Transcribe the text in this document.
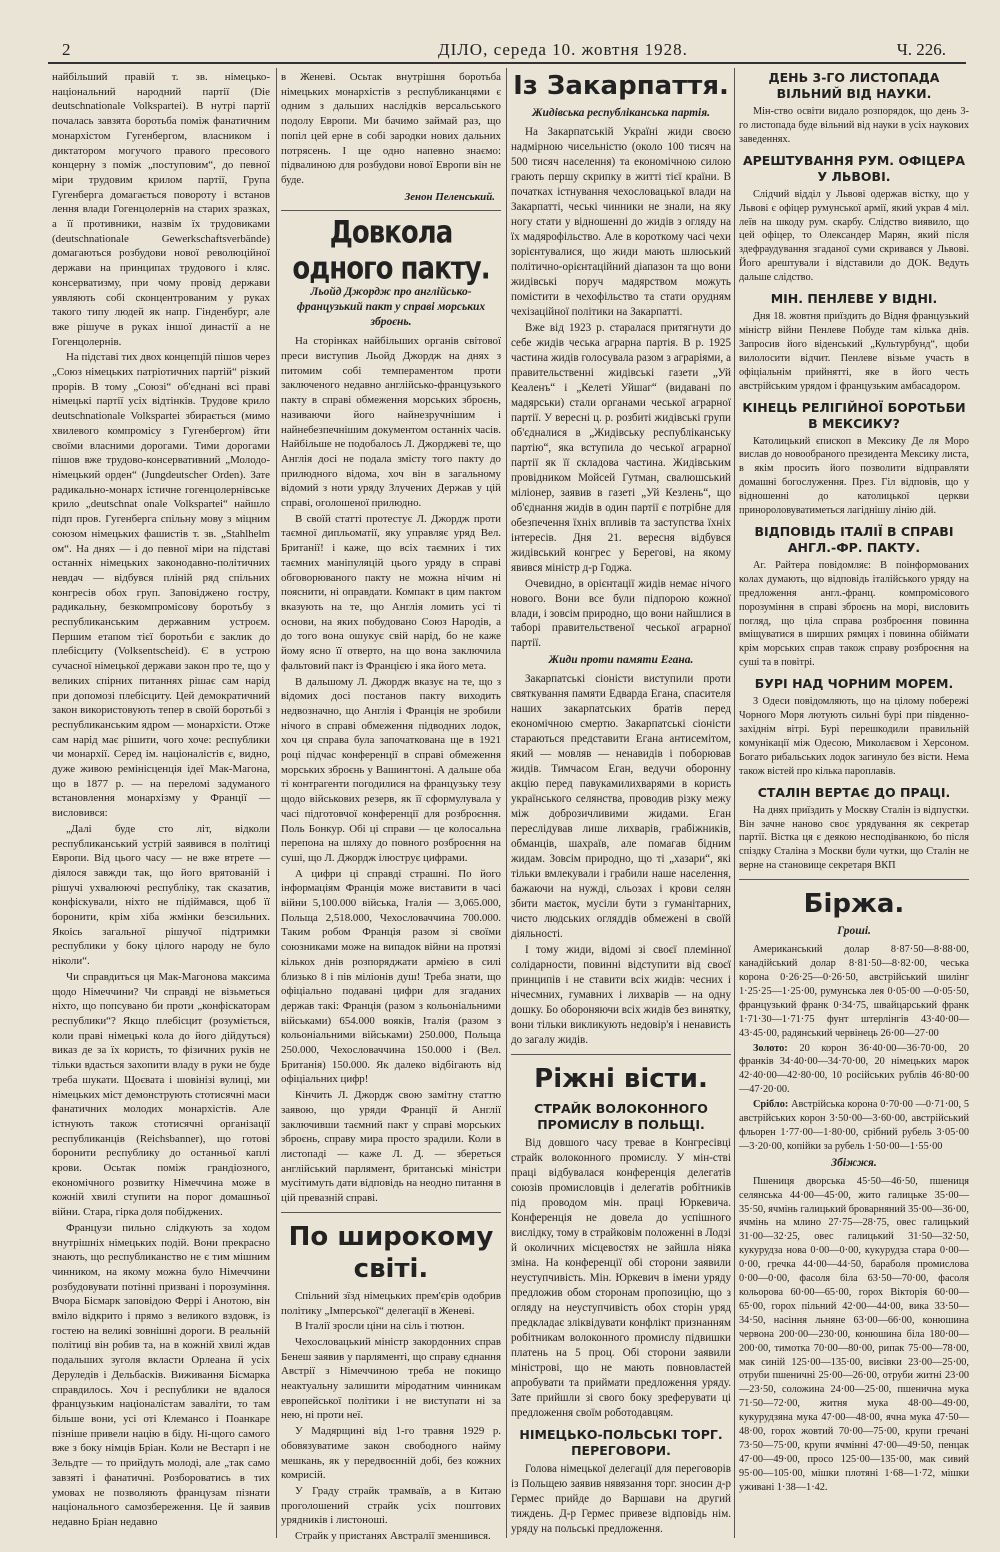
2	ДІЛО, середа 10. жовтня 1928.	Ч. 226.

найбільший правій т. зв. німецько-національний народний партії (Die deutschnationale Volkspartei). В нутрі партії почалась завзята боротьба поміж фанатичним монархістом Гугенбергом, власником і диктатором могучого правого пресового концерну з поміж „поступовим“, до певної міри трудовим крилом партії, Група Гугенберга домагається повороту і встанов лення влади Гогенцолернів на старих зразках, а її противники, назвім їх трудовиками (deutschnationale Gewerkschaftsverbände) домагаються розбудови нової революційної держави на принципах трудового і кляс. консерватизму, при чому провід держави уявляють собі сконцентрованим у руках такого типу людей як напр. Гінденбург, але вже рішуче в руках іншої династії а не Гогенцолернів.

На підставі тих двох концепцій пішов через „Союз німецьких патріотичних партій“ різкий прорів. В тому „Союзі“ об'єднані всі праві німецькі партії усіх відтінків. Трудове крило deutschnationale Volkspartei збирається (мимо хвилевого компромісу з Гугенбергом) йти своїми власними дорогами. Тими дорогами пішов вже трудово-консервативний „Молодо-німецький орден“ (Jungdeutscher Orden). Зате радикально-монарх істичне гогенцолернівське крило „deutschnat onale Volkspartei“ найшло підп пров. Гугенберга спільну мову з міцним союзом німецьких фашистів т. зв. „Stahlhelm ом“. На днях — і до певної міри на підставі останніх німецьких законодавно-політичних невдач — відбувся пліній ряд спільних конгресів обох груп. Заповіджено гостру, радикальну, безкомпромісову боротьбу з республиканським державним устроєм. Першим етапом тієї боротьби є заклик до плебісциту (Volksentscheid). Є в устрою сучасної німецької держави закон про те, що у великих спірних питаннях рішає сам нарід при допомозі плебісциту. Цей демократичний закон використовують тепер в своїй боротьбі з республиканським ядром — монархісти. Отже сам нарід має рішити, чого хоче: республики чи монархії. Серед ім. націоналістів є, видно, дуже живою ремінісценція ідеї Мак-Магона, що в 1877 р. — на переломі задуманого встановлення монархізму у Франції — висловився:

„Далі буде сто літ, відколи республиканський устрій заявився в політиці Европи. Від цього часу — не вже втрете — діялося завжди так, що його врятованій і рішучі ухвалюючі республіку, так сказатив, конфіскували, ніхто не підіймався, щоб її боронити, крім хіба жмінки безсильних. Якоісь загальної рішучої підтримки республики у боку цілого народу не було ніколи“.

Чи справдиться ця Мак-Магонова максима щодо Німеччини? Чи справді не візьметься ніхто, що попсувано би проти „конфіскаторам республики“? Якщо плебісцит (розуміється, коли праві німецькі кола до його дійдуться) виказ де за їх користь, то фізичних руків не тільки вдасться захопити владу в руки не буде треба шукати. Щоєвата і шовінізі вулиці, ми німецьких міст демонструють стотисячні маси фанатичних молодих монархістів. Але істнують також стотисячні організації республиканців (Reichsbanner), що готові боронити республику до останньої каплі крови. Осьтак поміж грандіозного, економічного розвитку Німеччина може в кожній хвилі ступити на порог домашньої війни. Стара, гірка доля побіджених.

Французи пильно слідкують за ходом внутрішніх німецьких подій. Вони прекрасно знають, що республиканство не є тим мішним чинником, на якому можна було Німеччини розбудовувати потінні призвані і порозуміння. Вчора Бісмарк заповідою Феррі і Анотою, він вміло відкрито і прямо з великого вздовж, із гостею на великі зовнішні дороги. В реальній політиці він робив та, на в кожній хвилі ждав подальших зуголя вкласти Орлеана й усіх Деруледів і Дельбасків. Виживання Бісмарка справдилось. Хоч і республики не вдалося французьким націоналістам заваліти, то там більше вони, усі оті Клемансо і Поанкаре пізніше привели націю в біду. Ні-щого самого вже з боку німців Бріан. Коли не Вестарп і не Зельдте — то прийдуть молоді, але „так само завзяті і фанатичні. Розбороватись в тих умовах не позволяють французам пізнати національного самозбереження. Це й заявив недавно Бріан недавно

в Женеві. Осьтак внутрішня боротьба німецьких монархістів з республиканцями є одним з дальших наслідків версальського подолу Европи. Ми бачимо займай раз, що попіл цей ерне в собі зародки нових дальних потрясень. І ще одно напевно знаємо: підвалиною для розбудови нової Европи він не буде.

Зенон Пеленський.
Довкола одного пакту.
Льойд Джордж про англійсько-французький пакт у справі морських зброєнь.

На сторінках найбільших органів світової преси виступив Льойд Джордж на днях з питомим собі темпераментом проти заключеного недавно англійсько-французького пакту в справі обмеження морських зброєнь, називаючи його найнезручнішим і найнебезпечнішим документом останніх часів. Найбільше не подобалось Л. Джорджеві те, що Англія досі не подала змісту того пакту до прилюдного відома, хоч він в загальному відомий з ноти уряду Злучених Держав у цій справі, оголошеної прилюдно.

В своїй статті протестує Л. Джордж проти таємної дипльоматії, яку управляє уряд Вел. Британії! і каже, що всіх таємних і тих таємних маніпуляцій цього уряду в справі обговорюваного пакту не можна нічим ні пояснити, ні оправдати. Компакт в цим пактом вказують на те, що Англія ломить усі ті основи, на яких побудовано Союз Народів, а до того вона ошукує свій нарід, бо не каже йому ясно її отверто, на що вона заключила фальтовий пакт із Францією і яка його мета.

В дальшому Л. Джордж вказує на те, що з відомих досі постанов пакту виходить недвозначно, що Англія і Франція не зробили нічого в справі обмеження підводних лодок, хоч ця справа була започаткована ще в 1921 році підчас конференції в справі обмеження морських зброєнь у Вашингтоні. А дальше оба ті контрагенти погодилися на французьку тезу щодо військових резерв, як її сформулувала у часі підготовчої конференції для розброєння. Поль Бонкур. Обі ці справи — це колосальна перепона на шляху до повного розброєння на суші, що Л. Джордж ілюструє цифрами.

А цифри ці справді страшні. По його інформаціям Франція може виставити в часі війни 5,100.000 війська, Італія — 3,065.000, Польща 2,518.000, Чехословаччина 700.000. Таким робом Франція разом зі своїми союзниками може на випадок війни на протязі кількох днів розпоряджати армією в силі близько 8 і пів міліонів душ! Треба знати, що офіціально подавані цифри для згаданих держав такі: Франція (разом з кольоніальними військами) 654.000 вояків, Італія (разом з кольоніальними військами) 250.000, Польща 250.000, Чехословаччина 150.000 і (Вел. Британія) 150.000. Як далеко відбігають від офіціальних цифр!

Кінчить Л. Джордж свою замітну статтю заявою, що уряди Франції й Англії заключивши таємний пакт у справі морських зброєнь, справу мира просто зрадили. Коли в листопаді — каже Л. Д. — збереться англійський парлямент, британські міністри мусітимуть дати відповідь на неодно питання в цій превазній справі.

По широкому світі.

Спільний зїзд німецьких прем'єрів одобрив політику „Імперської“ делегації в Женеві.

В Італії зросли ціни на сіль і тютюн.

Чехословацький міністр закордонних справ Бенеш заявив у парляменті, що справу єднання Австрії з Німеччиною треба не покищо неактуальну залишити міродатним чинникам европейської політики і не виступати ні за нею, ні проти неї.

У Мадярщині від 1-го травня 1929 р. обовязуватиме закон свободного найму мешкань, як у передвоєнній добі, без кожних комрисій.

У Граду страйк трамваїв, а в Китаю проголошений страйк усіх поштових урядників і листоноші.

Страйк у пристанях Австралії зменшився.

Із Закарпаття.
Жидівська республіканська партія.

На Закарпатській Україні жиди своєю надмірною чисельністю (около 100 тисяч на 500 тисяч населення) та економічною силою грають першу скрипку в житті тієї країни. В початках істнування чехословацької влади на Закарпатті, чеські чинники не знали, на яку ногу стати у відношенні до жидів з огляду на їх мадярофільство. Але в короткому часі чехи зорієнтувалися, що жиди мають шлюський політично-орієнтаційний діапазон та що вони жидівські поруч мадярством можуть помістити в чехофільство та стати орудням чехізаційної політики на Закарпатті.

Вже від 1923 р. старалася притягнути до себе жидів чеська аграрна партія. В р. 1925 частина жидів голосувала разом з аграріями, а правительственні жидівські газети „Уй Кеаленъ“ і „Келеті Уйшаг“ (видавані по мадярськи) стали органами чеської аграрної партії. У вересні ц. р. розбиті жидівські групи об'єдналися в „Жидівську республіканську партію“, яка вступила до чеської аграрної партії як її складова частина. Жидівським провідником Мойсей Гутман, свалюшський міліонер, заявив в газеті „Уй Кезлень“, що об'єднання жидів в один партії є потрібне для обезпечення їхніх впливів та заступства їхніх інтересів. Дня 21. вересня відбувся жидівський конгрес у Берегові, на якому явився міністр д-р Годжа.

Очевидно, в орієнтації жидів немає нічого нового. Вони все були підпорою кожної влади, і зовсім природно, що вони найшлися в таборі правительственої чеської аграрної партії.

Жиди проти памяти Егана.

Закарпатські сіоністи виступили проти святкування памяти Едварда Егана, спасителя наших закарпатських братів перед економічною смертю. Закарпатські сіоністи стараються представити Егана антисемітом, який — мовляв — ненавидів і поборював жидів. Тимчасом Еган, ведучи оборонну акцію перед павукамилихварями в користь українського селянства, проводив різку межу між доброзичливими жидами. Еган переслідував лише лихварів, грабіжників, обманців, шахраїв, але помагав бідним жидам. Зовсім природно, що ті „хазари“, які тільки вмлекували і грабили наше населення, бажаючи на нужді, сльозах і крови селян збити маєток, мусіли бути з гуманітарних, чисто людських огляддів обмежені в своїй діяльності.

І тому жиди, відомі зі своєї племінної солідарности, повинні відступити від своєї принципів і не ставити всіх жидів: чесних і нічесмних, гумавних і лихварів — на одну дошку. Бо обороняючи всіх жидів без винятку, вони тільки викликують недовір'я і ненависть до загалу жидів.

Ріжні вісти.
СТРАЙК ВОЛОКОННОГО ПРОМИСЛУ В ПОЛЬЩІ.

Від довшого часу тревае в Конгресівці страйк волоконного промислу. У мін-стві праці відбувалася конференція делегатів союзів промисловців і делегатів робітників під проводом мін. праці Юркевича. Конференція не довела до успішного вислідку, тому в страйковім положенні в Лодзі й околичних місцевостях не зайшла ніяка зміна. На конференції обі сторони заявили неуступчивість. Мін. Юркевич в імени уряду предложив обом сторонам пропозицію, що з огляду на неуступчивість обох сторін уряд предкладає зліквідувати конфлікт признанням робітникам волоконного промислу підвишки платень на 5 проц. Обі сторони заявили міністрові, що не мають повновластей апробувати та приймати предложення уряду. Зате прийшли зі свого боку зреферувати ці предложення своїм роботодавцям.

НІМЕЦЬКО-ПОЛЬСЬКІ ТОРГ. ПЕРЕГОВОРИ.

Голова німецької делегації для переговорів із Польщею заявив нявязання торг. зносин д-р Гермес прийде до Варшави на другий тиждень. Д-р Гермес привезе відповідь нім. уряду на польські предложення.

ДЕНЬ 3-ГО ЛИСТОПАДА ВІЛЬНИЙ ВІД НАУКИ.

Мін-ство освіти видало розпорядок, що день 3-го листопада буде вільний від науки в усіх наукових заведеннях.

АРЕШТУВАННЯ РУМ. ОФІЦЕРА У ЛЬВОВІ.

Слідчий відділ у Львові одержав вістку, що у Львові є офіцер румунської армії, який украв 4 міл. леїв на шкоду рум. скарбу. Слідство виявило, що цей офіцер, то Олександер Марян, який після здефраудування згаданої суми скривався у Львові. Його арештували і відставили до ДОК. Ведуть дальше слідство.

МІН. ПЕНЛЕВЕ У ВІДНІ.

Дня 18. жовтня приїздить до Відня французький міністр війни Пенлеве Побуде там кілька днів. Запросив його віденський „Культурбунд“, щоби вилолосити відчит. Пенлеве візьме участь в офіціальнім прийнятті, яке в його честь австрійським урядом і французьким амбасадором.

КІНЕЦЬ РЕЛІГІЙНОЇ БОРОТЬБИ В МЕКСИКУ?

Католицький єпископ в Мексику Де ля Моро вислав до новообраного президента Мексику листа, в якім просить його позволити відправляти домашні богослуження. През. Гіл відповів, що у відношенні до католицької церкви принороловуватиметься лагіднішу лінію дій.

ВІДПОВІДЬ ІТАЛІЇ В СПРАВІ АНГЛ.-ФР. ПАКТУ.

Аг. Райтера повідомляє: В поінформованих колах думають, що відповідь італійського уряду на предложення англ.-франц. компромісового порозуміння в справі зброєнь на морі, висловить погляд, що ціла справа розброєння повинна вміщуватися в ширших рямцях і повинна обіймати крім морських справ також справу розброєння на суші та в повітрі.

БУРІ НАД ЧОРНИМ МОРЕМ.

З Одеси повідомляють, що на цілому побережі Чорного Моря лютують сильні бурі при південно-західнім вітрі. Бурі перешкодили правильній комунікації між Одесою, Миколаєвом і Херсоном. Богато рибальських лодок загинуло без вісти. Нема також вістей про кілька пароплавів.

СТАЛІН ВЕРТАЄ ДО ПРАЦІ.

На днях приїздить у Москву Сталін із відпустки. Він зачне наново своє урядування як секретар партії. Вістка ця є деякою несподіванкою, бо після спіздку Сталіна з Москви були чутки, що Сталін не верне на становище секретаря ВКП

Біржа.
Гроші.

Американський долар 8·87·50—8·88·00, канадійський долар 8·81·50—8·82·00, чеська корона 0·26·25—0·26·50, австрійський шилінг 1·25·25—1·25·00, румунська лея 0·05·00 —0·05·50, французький франк 0·34·75, швайцарський франк 1·71·30—1·71·75 фунт штерлінгів 43·40·00—43·45·00, радянський червінець 26·00—27·00

Золото: 20 корон 36·40·00—36·70·00, 20 франків 34·40·00—34·70·00, 20 німецьких марок 42·40·00—42·80·00, 10 російських рублів 46·80·00—47·20·00.

Срібло: Австрійська корона 0·70·00 —0·71·00, 5 австрійських корон 3·50·00—3·60·00, австрійський фльорен 1·77·00—1·80·00, срібний рубель 3·05·00—3·20·00, копійки за рубель 1·50·00—1·55·00

Збіжжя.

Пшениця дворська 45·50—46·50, пшениця селянська 44·00—45·00, жито галицьке 35·00—35·50, ячмінь галицький броварняний 35·00—36·00, ячмінь на млино 27·75—28·75, овес галицький 31·00—32·25, овес галицький 31·50—32·50, кукурудза нова 0·00—0·00, кукурудза стара 0·00—0·00, гречка 44·00—44·50, бараболя промислова 0·00—0·00, фасоля біла 63·50—70·00, фасоля кольорова 60·00—65·00, горох Вікторія 60·00—65·00, горох пільний 42·00—44·00, вика 33·50—34·50, насіння льняне 63·00—66·00, конюшина червона 200·00—230·00, конюшина біла 180·00—200·00, тимотка 70·00—80·00, рипак 75·00—78·00, мак синій 125·00—135·00, висівки 23·00—25·00, отруби пшеничні 25·00—26·00, отруби житні 23·00—23·50, соложина 24·00—25·00, пшенична мука 71·50—72·00, житня мука 48·00—49·00, кукурудзяна мука 47·00—48·00, ячна мука 47·50—48·00, горох жовтий 70·00—75·00, крупи гречані 73·50—75·00, крупи ячмінні 47·00—49·50, пенцак 47·00—49·00, просо 125·00—135·00, мак сивий 95·00—105·00, мішки плотяні 1·68—1·72, мішки уживані 1·38—1·42.
